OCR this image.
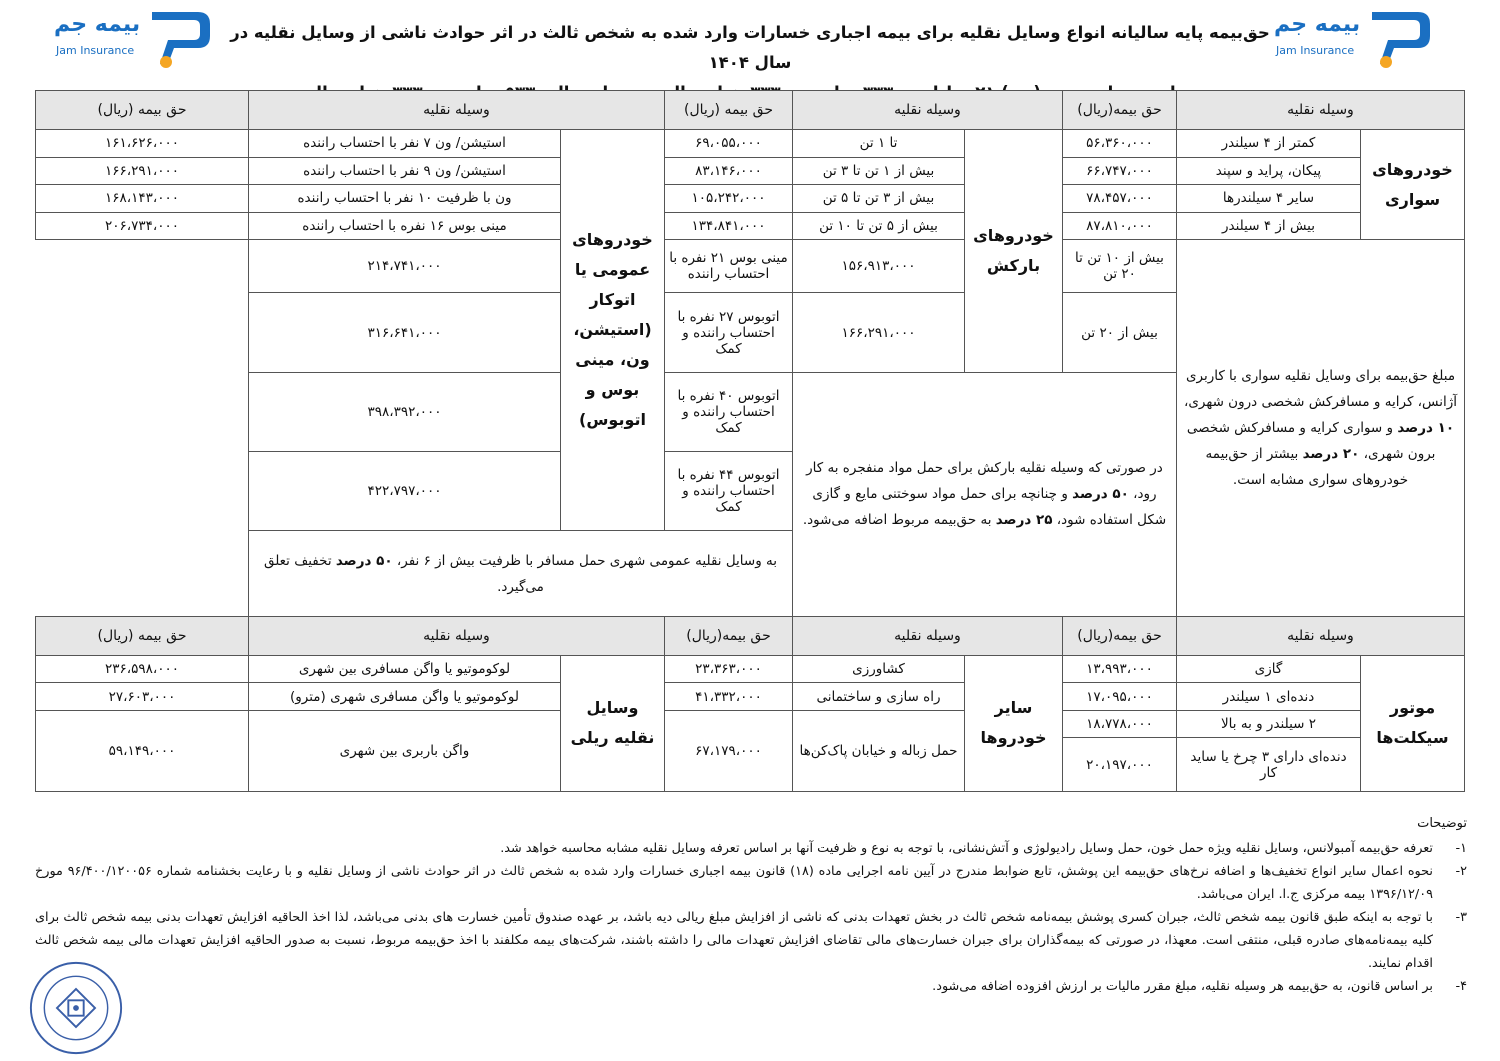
بیمه جم
Jam Insurance
بیمه جم
Jam Insurance
حق‌بیمه پایه سالیانه انواع وسایل نقلیه برای بیمه اجباری خسارات وارد شده به شخص ثالث در اثر حوادث ناشی از وسایل نقلیه در سال ۱۴۰۴
وسیله نقلیه		حق بیمه(ریال)	وسیله نقلیه		حق بیمه (ریال)	وسیله نقلیه		حق بیمه (ریال)
خودروهای سواری	کمتر از ۴ سیلندر	۵۶،۳۶۰،۰۰۰	خودروهای بارکش	تا ۱ تن	۶۹،۰۵۵،۰۰۰	خودروهای عمومی یا اتوکار (استیشن، ون، مینی بوس و اتوبوس)	استیشن/ ون ۷ نفر با احتساب راننده	۱۶۱،۶۲۶،۰۰۰
	پیکان، پراید و سپند	۶۶،۷۴۷،۰۰۰		بیش از ۱ تن تا ۳ تن	۸۳،۱۴۶،۰۰۰		استیشن/ ون ۹ نفر با احتساب راننده	۱۶۶،۲۹۱،۰۰۰
	سایر ۴ سیلندرها	۷۸،۴۵۷،۰۰۰		بیش از ۳ تن تا ۵ تن	۱۰۵،۲۴۲،۰۰۰		ون با ظرفیت ۱۰ نفر با احتساب راننده	۱۶۸،۱۴۳،۰۰۰
	بیش از ۴ سیلندر	۸۷،۸۱۰،۰۰۰		بیش از ۵ تن تا ۱۰ تن	۱۳۴،۸۴۱،۰۰۰		مینی بوس ۱۶ نفره با احتساب راننده	۲۰۶،۷۳۴،۰۰۰
مبلغ حق‌بیمه برای وسایل نقلیه سواری با کاربری آژانس، کرایه و مسافرکش شخصی درون شهری، ۱۰ درصد و سواری کرایه و مسافرکش شخصی برون شهری، ۲۰ درصد بیشتر از حق‌بیمه خودروهای سواری مشابه است.		بیش از ۱۰ تن تا ۲۰ تن		۱۵۶،۹۱۳،۰۰۰	مینی بوس ۲۱ نفره با احتساب راننده		۲۱۴،۷۴۱،۰۰۰	
		بیش از ۲۰ تن		۱۶۶،۲۹۱،۰۰۰	اتوبوس ۲۷ نفره با احتساب راننده و کمک		۳۱۶،۶۴۱،۰۰۰	
		در صورتی که وسیله نقلیه بارکش برای حمل مواد منفجره به کار رود، ۵۰ درصد و چنانچه برای حمل مواد سوختنی مایع و گازی شکل استفاده شود، ۲۵ درصد به حق‌بیمه مربوط اضافه می‌شود.			اتوبوس ۴۰ نفره با احتساب راننده و کمک		۳۹۸،۳۹۲،۰۰۰	
					اتوبوس ۴۴ نفره با احتساب راننده و کمک		۴۲۲،۷۹۷،۰۰۰	
					به وسایل نقلیه عمومی شهری حمل مسافر با ظرفیت بیش از ۶ نفر، ۵۰ درصد تخفیف تعلق می‌گیرد.			
وسیله نقلیه		حق بیمه(ریال)	وسیله نقلیه		حق بیمه(ریال)	وسیله نقلیه		حق بیمه (ریال)
موتور سیکلت‌ها	گازی	۱۳،۹۹۳،۰۰۰	سایر خودروها	کشاورزی	۲۳،۳۶۳،۰۰۰	وسایل نقلیه ریلی	لوکوموتیو یا واگن مسافری بین شهری	۲۳۶،۵۹۸،۰۰۰
	دنده‌ای ۱ سیلندر	۱۷،۰۹۵،۰۰۰		راه سازی و ساختمانی	۴۱،۳۳۲،۰۰۰		لوکوموتیو یا واگن مسافری شهری (مترو)	۲۷،۶۰۳،۰۰۰
	۲ سیلندر و به بالا	۱۸،۷۷۸،۰۰۰		حمل زباله و خیابان پاک‌کن‌ها	۶۷،۱۷۹،۰۰۰		واگن باربری بین شهری	۵۹،۱۴۹،۰۰۰
	دنده‌ای دارای ۳ چرخ یا ساید کار	۲۰،۱۹۷،۰۰۰						
توضیحات
۱-
تعرفه حق‌بیمه آمبولانس، وسایل نقلیه ویژه حمل خون، حمل وسایل رادیولوژی و آتش‌نشانی، با توجه به نوع و ظرفیت آنها بر اساس تعرفه وسایل نقلیه مشابه محاسبه خواهد شد.
۲-
نحوه اعمال سایر انواع تخفیف‌ها و اضافه نرخ‌های حق‌بیمه این پوشش، تابع ضوابط مندرج در آیین نامه اجرایی ماده (۱۸) قانون بیمه اجباری خسارات وارد شده به شخص ثالث در اثر حوادث ناشی از وسایل نقلیه و با رعایت بخشنامه شماره ۹۶/۴۰۰/۱۲۰۰۵۶ مورخ ۱۳۹۶/۱۲/۰۹ بیمه مرکزی ج.ا. ایران می‌باشد.
۳-
با توجه به اینکه طبق قانون بیمه شخص ثالث، جبران کسری پوشش بیمه‌نامه شخص ثالث در بخش تعهدات بدنی که ناشی از افزایش مبلغ ریالی دیه باشد، بر عهده صندوق تأمین خسارت های بدنی می‌باشد، لذا اخذ الحاقیه افزایش تعهدات بدنی بیمه شخص ثالث برای کلیه بیمه‌نامه‌های صادره قبلی، منتفی است. معهذا، در صورتی که بیمه‌گذاران برای جبران خسارت‌های مالی تقاضای افزایش تعهدات مالی را داشته باشند، شرکت‌های بیمه مکلفند با اخذ حق‌بیمه مربوط، نسبت به صدور الحاقیه افزایش تعهدات مالی بیمه شخص ثالث اقدام نمایند.
۴-
بر اساس قانون، به حق‌بیمه هر وسیله نقلیه، مبلغ مقرر مالیات بر ارزش افزوده اضافه می‌شود.
